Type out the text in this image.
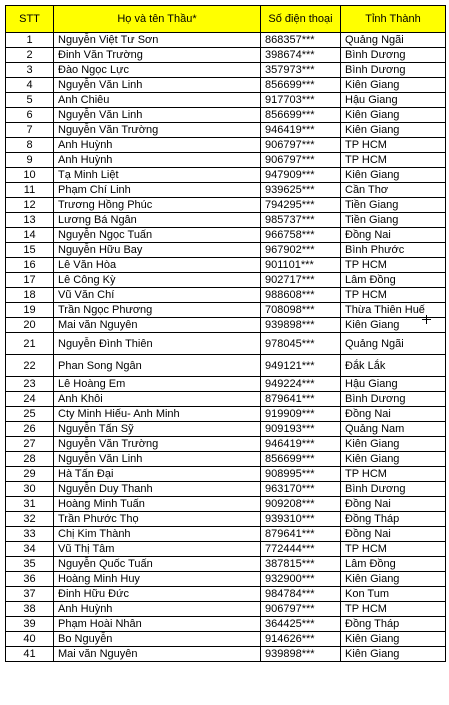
STT	Họ và tên Thầu*	Số điện thoại	Tỉnh Thành
1	Nguyễn Việt Tư Sơn	868357***	Quảng Ngãi
2	Đinh Văn Trường	398674***	Bình Dương
3	Đào Ngọc Lực	357973***	Bình Dương
4	Nguyễn Văn Linh	856699***	Kiên Giang
5	Anh Chiêu	917703***	Hậu Giang
6	Nguyễn Văn Linh	856699***	Kiên Giang
7	Nguyễn Văn Trường	946419***	Kiên Giang
8	Anh Huỳnh	906797***	TP HCM
9	Anh Huỳnh	906797***	TP HCM
10	Tạ Minh Liệt	947909***	Kiên Giang
11	Phạm Chí Linh	939625***	Cần Thơ
12	Trương Hồng Phúc	794295***	Tiền Giang
13	Lương Bá Ngân	985737***	Tiền Giang
14	Nguyễn Ngọc Tuấn	966758***	Đồng Nai
15	Nguyễn Hữu Bay	967902***	Bình Phước
16	Lê Văn Hòa	901101***	TP HCM
17	Lê Công Kỳ	902717***	Lâm Đồng
18	Vũ Văn Chí	988608***	TP HCM
19	Trần Ngọc Phương	708098***	Thừa Thiên Huế
20	Mai văn Nguyên	939898***	Kiên Giang
21	Nguyễn Đình Thiên	978045***	Quảng Ngãi
22	Phan Song Ngân	949121***	Đắk Lắk
23	Lê Hoàng Em	949224***	Hậu Giang
24	Anh Khôi	879641***	Bình Dương
25	Cty Minh Hiếu- Anh Minh	919909***	Đồng Nai
26	Nguyễn Tấn Sỹ	909193***	Quảng Nam
27	Nguyễn Văn Trường	946419***	Kiên Giang
28	Nguyễn Văn Linh	856699***	Kiên Giang
29	Hà Tấn Đại	908995***	TP HCM
30	Nguyễn Duy Thanh	963170***	Bình Dương
31	Hoàng Minh Tuấn	909208***	Đồng Nai
32	Trần Phước Thọ	939310***	Đồng Tháp
33	Chị Kim Thành	879641***	Đồng Nai
34	Vũ Thị Tâm	772444***	TP HCM
35	Nguyễn Quốc Tuấn	387815***	Lâm Đồng
36	Hoàng Minh Huy	932900***	Kiên Giang
37	Đinh Hữu Đức	984784***	Kon Tum
38	Anh Huỳnh	906797***	TP HCM
39	Phạm Hoài Nhân	364425***	Đồng Tháp
40	Bo Nguyễn	914626***	Kiên Giang
41	Mai văn Nguyên	939898***	Kiên Giang
